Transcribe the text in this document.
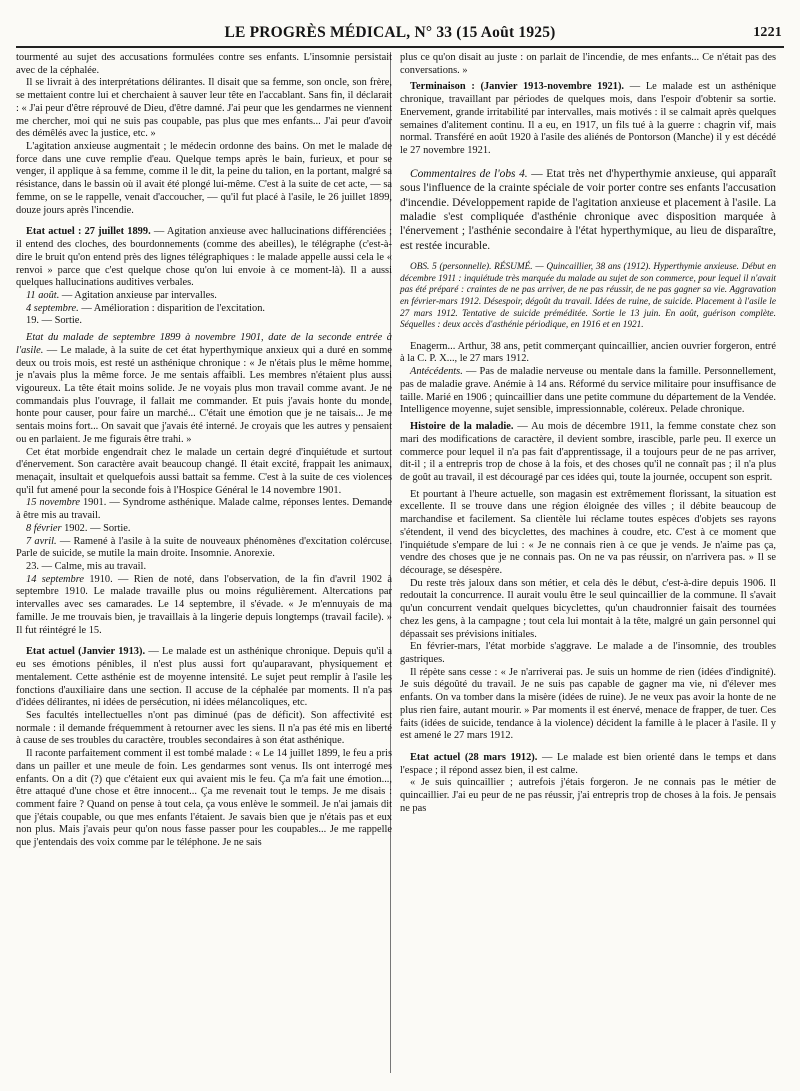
LE PROGRÈS MÉDICAL, N° 33 (15 Août 1925)	1221

tourmenté au sujet des accusations formulées contre ses enfants. L'insomnie persistait avec de la céphalée.

Il se livrait à des interprétations délirantes. Il disait que sa femme, son oncle, son frère, se mettaient contre lui et cherchaient à sauver leur tête en l'accablant. Sans fin, il déclarait : « J'ai peur d'être réprouvé de Dieu, d'être damné. J'ai peur que les gendarmes ne viennent me chercher, moi qui ne suis pas coupable, pas plus que mes enfants... J'ai peur d'avoir des démêlés avec la justice, etc. »

L'agitation anxieuse augmentait ; le médecin ordonne des bains. On met le malade de force dans une cuve remplie d'eau. Quelque temps après le bain, furieux, et pour se venger, il applique à sa femme, comme il le dit, la peine du talion, en la portant, malgré sa résistance, dans le bassin où il avait été plongé lui-même. C'est à la suite de cet acte, — sa femme, on se le rappelle, venait d'accoucher, — qu'il fut placé à l'asile, le 26 juillet 1899, douze jours après l'incendie.

Etat actuel : 27 juillet 1899. — Agitation anxieuse avec hallucinations différenciées ; il entend des cloches, des bourdonnements (comme des abeilles), le télégraphe (c'est-à-dire le bruit qu'on entend près des lignes télégraphiques : le malade appelle aussi cela le « renvoi » parce que c'est quelque chose qu'on lui envoie à ce moment-là). Il a aussi quelques hallucinations auditives verbales.

11 août. — Agitation anxieuse par intervalles.

4 septembre. — Amélioration : disparition de l'excitation.

19. — Sortie.

Etat du malade de septembre 1899 à novembre 1901, date de la seconde entrée à l'asile. — Le malade, à la suite de cet état hyperthymique anxieux qui a duré en somme deux ou trois mois, est resté un asthénique chronique : « Je n'étais plus le même homme, je n'avais plus la même force. Je me sentais affaibli. Les membres n'étaient plus aussi vigoureux. La tête était moins solide. Je ne voyais plus mon travail comme avant. Je ne commandais plus l'ouvrage, il fallait me commander. Et puis j'avais honte du monde, honte pour causer, pour faire un marché... C'était une émotion que je ne taisais... Je me sentais moins fort... On savait que j'avais été interné. Je croyais que les autres y pensaient ou en parlaient. Je me figurais être trahi. »

Cet état morbide engendrait chez le malade un certain degré d'inquiétude et surtout d'énervement. Son caractère avait beaucoup changé. Il était excité, frappait les animaux, menaçait, insultait et quelquefois aussi battait sa femme. C'est à la suite de ces violences qu'il fut amené pour la seconde fois à l'Hospice Général le 14 novembre 1901.

15 novembre 1901. — Syndrome asthénique. Malade calme, réponses lentes. Demande à être mis au travail.

8 février 1902. — Sortie.

7 avril. — Ramené à l'asile à la suite de nouveaux phénomènes d'excitation colércuse. Parle de suicide, se mutile la main droite. Insomnie. Anorexie.

23. — Calme, mis au travail.

14 septembre 1910. — Rien de noté, dans l'observation, de la fin d'avril 1902 à septembre 1910. Le malade travaille plus ou moins régulièrement. Altercations par intervalles avec ses camarades. Le 14 septembre, il s'évade. « Je m'ennuyais de ma famille. Je me trouvais bien, je travaillais à la lingerie depuis longtemps (travail facile). » Il fut réintégré le 15.

Etat actuel (Janvier 1913). — Le malade est un asthénique chronique. Depuis qu'il a eu ses émotions pénibles, il n'est plus aussi fort qu'auparavant, physiquement et mentalement. Cette asthénie est de moyenne intensité. Le sujet peut remplir à l'asile les fonctions d'auxiliaire dans une section. Il accuse de la céphalée par moments. Il n'a pas d'idées délirantes, ni idées de persécution, ni idées mélancoliques, etc.

Ses facultés intellectuelles n'ont pas diminué (pas de déficit). Son affectivité est normale : il demande fréquemment à retourner avec les siens. Il n'a pas été mis en liberté à cause de ses troubles du caractère, troubles secondaires à son état asthénique.

Il raconte parfaitement comment il est tombé malade : « Le 14 juillet 1899, le feu a pris dans un pailler et une meule de foin. Les gendarmes sont venus. Ils ont interrogé mes enfants. On a dit (?) que c'étaient eux qui avaient mis le feu. Ça m'a fait une émotion..., être attaqué d'une chose et être innocent... Ça me revenait tout le temps. Je me disais : comment faire ? Quand on pense à tout cela, ça vous enlève le sommeil. Je n'ai jamais dit que j'étais coupable, ou que mes enfants l'étaient. Je savais bien que je n'étais pas et eux non plus. Mais j'avais peur qu'on nous fasse passer pour les coupables... Je me rappelle que j'entendais des voix comme par le téléphone. Je ne sais

plus ce qu'on disait au juste : on parlait de l'incendie, de mes enfants... Ce n'était pas des conversations. »

Terminaison : (Janvier 1913-novembre 1921). — Le malade est un asthénique chronique, travaillant par périodes de quelques mois, dans l'espoir d'obtenir sa sortie. Enervement, grande irritabilité par intervalles, mais motivés : il se calmait après quelques semaines d'alitement continu. Il a eu, en 1917, un fils tué à la guerre : chagrin vif, mais normal. Transféré en août 1920 à l'asile des aliénés de Pontorson (Manche) il y est décédé le 27 novembre 1921.

Commentaires de l'obs 4. — Etat très net d'hyperthymie anxieuse, qui apparaît sous l'influence de la crainte spéciale de voir porter contre ses enfants l'accusation d'incendie. Développement rapide de l'agitation anxieuse et placement à l'asile. La maladie s'est compliquée d'asthénie chronique avec disposition marquée à l'énervement ; l'asthénie secondaire à l'état hyperthymique, au lieu de disparaître, est restée incurable.

OBS. 5 (personnelle). RÉSUMÉ. — Quincaillier, 38 ans (1912). Hyperthymie anxieuse. Début en décembre 1911 : inquiétude très marquée du malade au sujet de son commerce, pour lequel il n'avait pas été préparé : craintes de ne pas arriver, de ne pas réussir, de ne pas gagner sa vie. Aggravation en février-mars 1912. Désespoir, dégoût du travail. Idées de ruine, de suicide. Placement à l'asile le 27 mars 1912. Tentative de suicide préméditée. Sortie le 13 juin. En août, guérison complète. Séquelles : deux accès d'asthénie périodique, en 1916 et en 1921.

Enagerm... Arthur, 38 ans, petit commerçant quincaillier, ancien ouvrier forgeron, entré à la C. P. X..., le 27 mars 1912.

Antécédents. — Pas de maladie nerveuse ou mentale dans la famille. Personnellement, pas de maladie grave. Anémie à 14 ans. Réformé du service militaire pour insuffisance de taille. Marié en 1906 ; quincaillier dans une petite commune du département de la Vendée. Intelligence moyenne, sujet sensible, impressionnable, coléreux. Pelade chronique.

Histoire de la maladie. — Au mois de décembre 1911, la femme constate chez son mari des modifications de caractère, il devient sombre, irascible, parle peu. Il exerce un commerce pour lequel il n'a pas fait d'apprentissage, il a toujours peur de ne pas arriver, dit-il ; il a entrepris trop de chose à la fois, et des choses qu'il ne connaît pas ; il n'a plus de goût au travail, il est découragé par ces idées qui, toute la journée, occupent son esprit.

Et pourtant à l'heure actuelle, son magasin est extrêmement florissant, la situation est excellente. Il se trouve dans une région éloignée des villes ; il débite beaucoup de marchandise et facilement. Sa clientèle lui réclame toutes espèces d'objets ses rayons s'étendent, il vend des bicyclettes, des machines à coudre, etc. C'est à ce moment que l'inquiétude s'empare de lui : « Je ne connais rien à ce que je vends. Je n'aime pas ça, vendre des choses que je ne connais pas. On ne va pas réussir, on n'arrivera pas. » Il se décourage, se désespère.

Du reste très jaloux dans son métier, et cela dès le début, c'est-à-dire depuis 1906. Il redoutait la concurrence. Il aurait voulu être le seul quincaillier de la commune. Il s'avait qu'un concurrent vendait quelques bicyclettes, qu'un chaudronnier faisait des tournées chez les gens, à la campagne ; tout cela lui montait à la tête, malgré un gain personnel qui dépassait ses prévisions initiales.

En février-mars, l'état morbide s'aggrave. Le malade a de l'insomnie, des troubles gastriques.

Il répète sans cesse : « Je n'arriverai pas. Je suis un homme de rien (idées d'indignité). Je suis dégoûté du travail. Je ne suis pas capable de gagner ma vie, ni d'élever mes enfants. On va tomber dans la misère (idées de ruine). Je ne veux pas avoir la honte de ne plus rien faire, autant mourir. » Par moments il est énervé, menace de frapper, de tuer. Ces faits (idées de suicide, tendance à la violence) décident la famille à le placer à l'asile. Il y est amené le 27 mars 1912.

Etat actuel (28 mars 1912). — Le malade est bien orienté dans le temps et dans l'espace ; il répond assez bien, il est calme.

« Je suis quincaillier ; autrefois j'étais forgeron. Je ne connais pas le métier de quincaillier. J'ai eu peur de ne pas réussir, j'ai entrepris trop de choses à la fois. Je pensais ne pas
